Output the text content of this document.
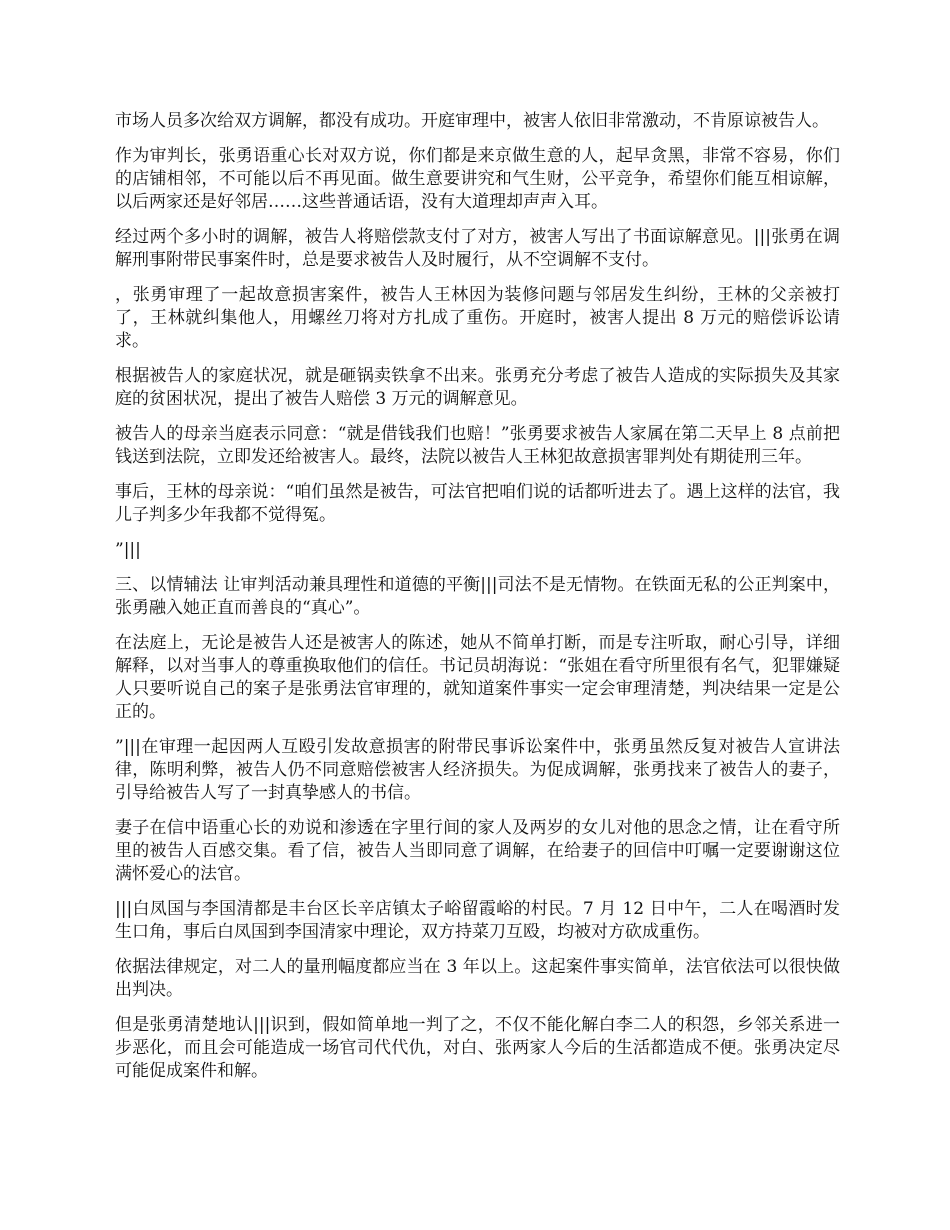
市场人员多次给双方调解，都没有成功。开庭审理中，被害人依旧非常激动，不肯原谅被告人。

作为审判长，张勇语重心长对双方说，你们都是来京做生意的人，起早贪黑，非常不容易，你们的店铺相邻，不可能以后不再见面。做生意要讲究和气生财，公平竞争，希望你们能互相谅解，以后两家还是好邻居……这些普通话语，没有大道理却声声入耳。

经过两个多小时的调解，被告人将赔偿款支付了对方，被害人写出了书面谅解意见。|||张勇在调解刑事附带民事案件时，总是要求被告人及时履行，从不空调解不支付。

，张勇审理了一起故意损害案件，被告人王林因为装修问题与邻居发生纠纷，王林的父亲被打了，王林就纠集他人，用螺丝刀将对方扎成了重伤。开庭时，被害人提出 8 万元的赔偿诉讼请求。

根据被告人的家庭状况，就是砸锅卖铁拿不出来。张勇充分考虑了被告人造成的实际损失及其家庭的贫困状况，提出了被告人赔偿 3 万元的调解意见。

被告人的母亲当庭表示同意：“就是借钱我们也赔！”张勇要求被告人家属在第二天早上 8 点前把钱送到法院，立即发还给被害人。最终，法院以被告人王林犯故意损害罪判处有期徒刑三年。

事后，王林的母亲说：“咱们虽然是被告，可法官把咱们说的话都听进去了。遇上这样的法官，我儿子判多少年我都不觉得冤。

”|||

三、以情辅法 让审判活动兼具理性和道德的平衡|||司法不是无情物。在铁面无私的公正判案中，张勇融入她正直而善良的“真心”。

在法庭上，无论是被告人还是被害人的陈述，她从不简单打断，而是专注听取，耐心引导，详细解释，以对当事人的尊重换取他们的信任。书记员胡海说：“张姐在看守所里很有名气，犯罪嫌疑人只要听说自己的案子是张勇法官审理的，就知道案件事实一定会审理清楚，判决结果一定是公正的。

”|||在审理一起因两人互殴引发故意损害的附带民事诉讼案件中，张勇虽然反复对被告人宣讲法律，陈明利弊，被告人仍不同意赔偿被害人经济损失。为促成调解，张勇找来了被告人的妻子，引导给被告人写了一封真挚感人的书信。

妻子在信中语重心长的劝说和渗透在字里行间的家人及两岁的女儿对他的思念之情，让在看守所里的被告人百感交集。看了信，被告人当即同意了调解，在给妻子的回信中叮嘱一定要谢谢这位满怀爱心的法官。

|||白凤国与李国清都是丰台区长辛店镇太子峪留霞峪的村民。7 月 12 日中午，二人在喝酒时发生口角，事后白凤国到李国清家中理论，双方持菜刀互殴，均被对方砍成重伤。

依据法律规定，对二人的量刑幅度都应当在 3 年以上。这起案件事实简单，法官依法可以很快做出判决。

但是张勇清楚地认|||识到，假如简单地一判了之，不仅不能化解白李二人的积怨，乡邻关系进一步恶化，而且会可能造成一场官司代代仇，对白、张两家人今后的生活都造成不便。张勇决定尽可能促成案件和解。
